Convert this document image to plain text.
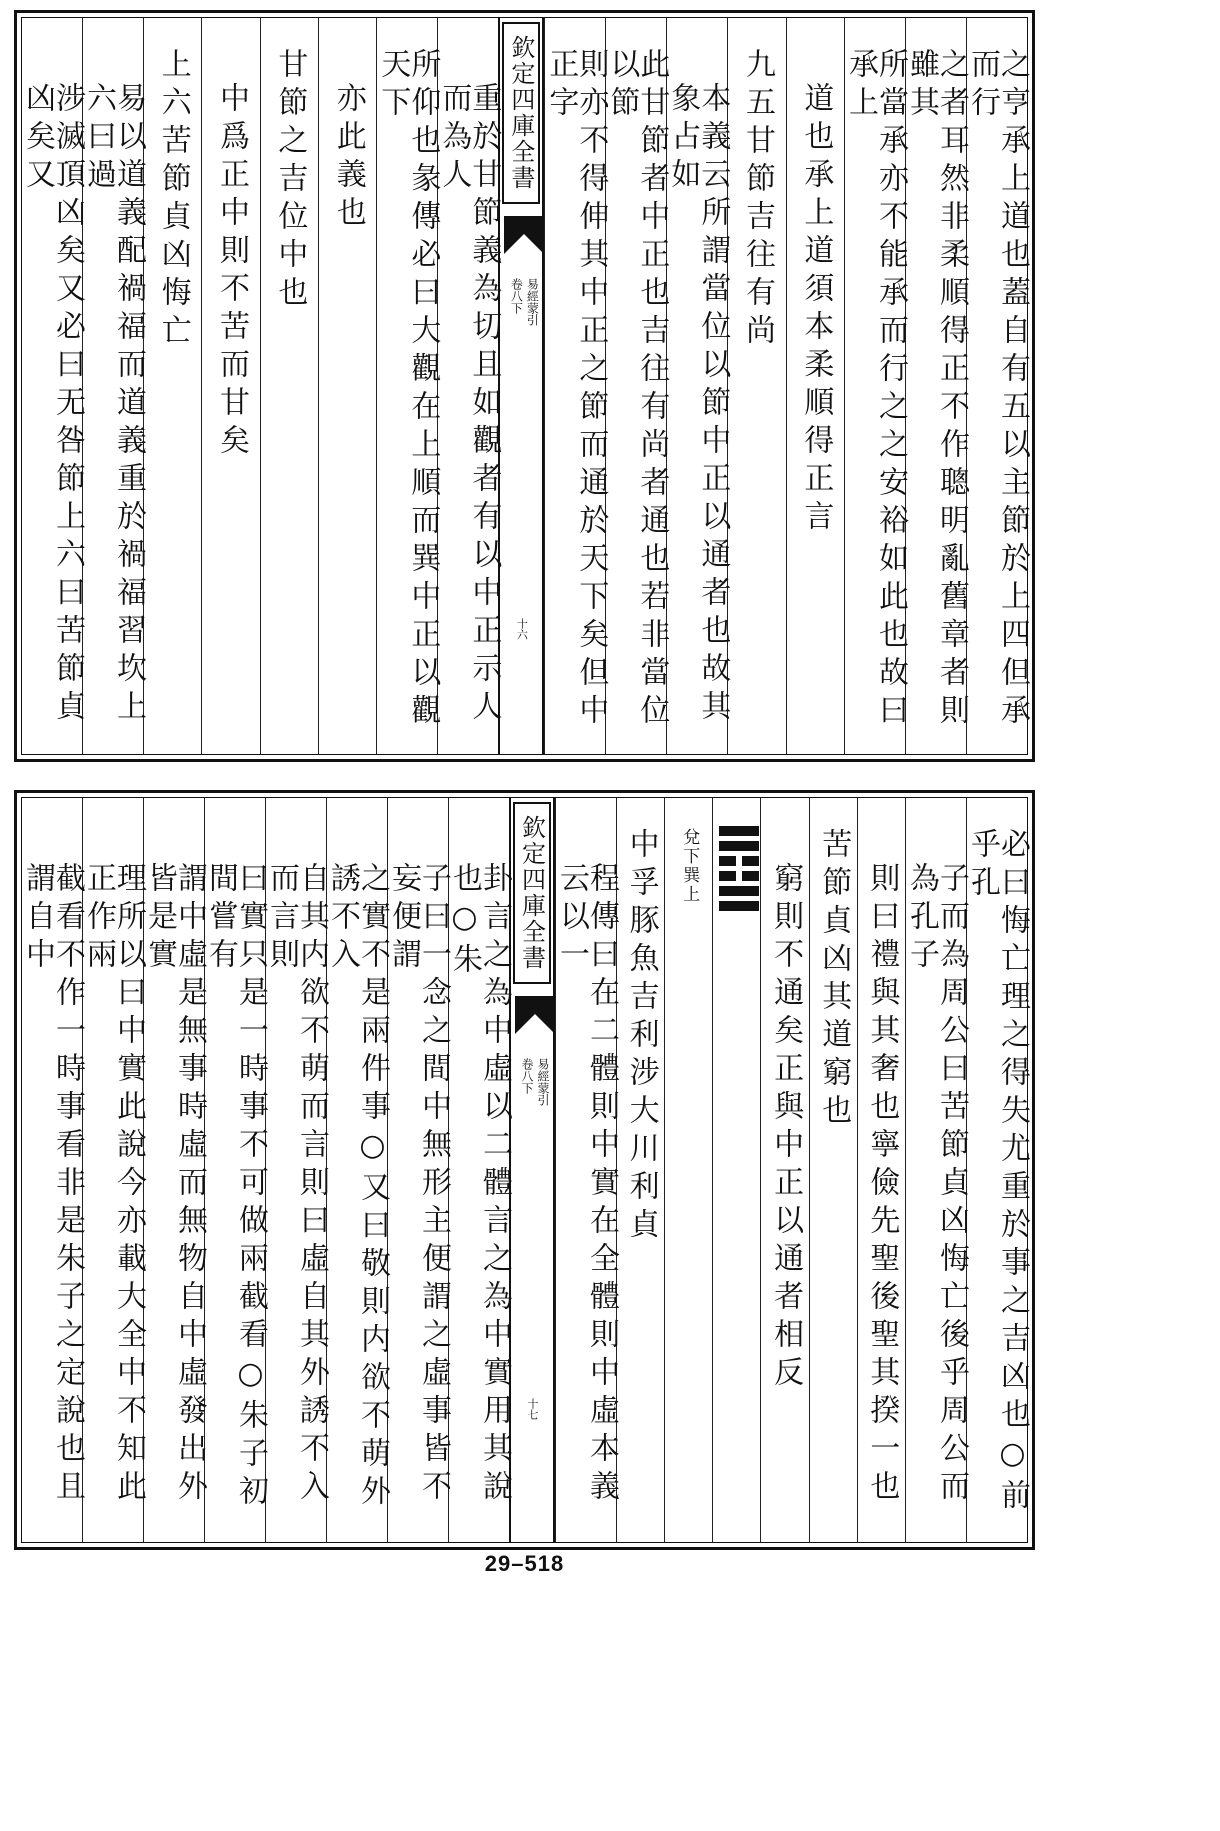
之亨承上道也蓋自有五以主節於上四但承而行
之者耳然非柔順得正不作聰明亂舊章者則雖其
所當承亦不能承而行之之安裕如此也故曰承上
道也承上道須本柔順得正言
九五甘節吉往有尚
本義云所謂當位以節中正以通者也故其象占如
此甘節者中正也吉往有尚者通也若非當位以節
則亦不得伸其中正之節而通於天下矣但中正字
欽定四庫全書
易經蒙引
卷八下
十六
重於甘節義為切且如觀者有以中正示人而為人
所仰也彖傳必曰大觀在上順而巽中正以觀天下
亦此義也
甘節之吉位中也
中爲正中則不苦而甘矣
上六苦節貞凶悔亡
易以道義配禍福而道義重於禍福習坎上六曰過
涉滅頂凶矣又必曰无咎節上六曰苦節貞凶矣又
必曰悔亡理之得失尤重於事之吉凶也○前乎孔
子而為周公曰苦節貞凶悔亡後乎周公而為孔子
則曰禮與其奢也寧儉先聖後聖其揆一也
苦節貞凶其道窮也
窮則不通矣正與中正以通者相反
兌下
巽上
中孚豚魚吉利涉大川利貞
程傳曰在二體則中實在全體則中虛本義云以一
欽定四庫全書
易經蒙引
卷八下
十七
卦言之為中虛以二體言之為中實用其說也○朱
子曰一念之間中無形主便謂之虛事皆不妄便謂
之實不是兩件事○又曰敬則内欲不萌外誘不入
自其内欲不萌而言則曰虛自其外誘不入而言則
曰實只是一時事不可做兩截看○朱子初間嘗有
謂中虛是無事時虛而無物自中虛發出外皆是實
理所以曰中實此說今亦載大全中不知此正作兩
截看不作一時事看非是朱子之定說也且謂自中
29–518
